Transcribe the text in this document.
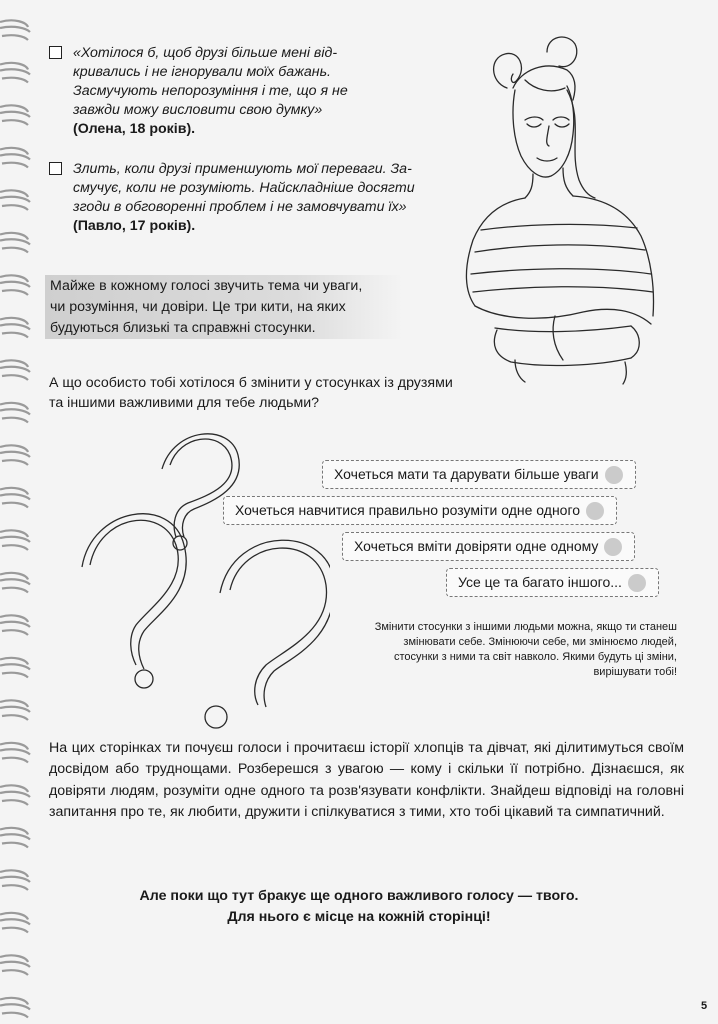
«Хотілося б, щоб друзі більше мені відкривались і не ігнорували моїх бажань. Засмучують непорозуміння і те, що я не завжди можу висловити свою думку»
(Олена, 18 років).
Злить, коли друзі применшують мої переваги. Засмучує, коли не розуміють. Найскладніше досягти згоди в обговоренні проблем і не замовчувати їх»
(Павло, 17 років).

Майже в кожному голосі звучить тема чи уваги,

чи розуміння, чи довіри. Це три кити, на яких

будуються близькі та справжні стосунки.

А що особисто тобі хотілося б змінити у стосунках із друзями та іншими важливими для тебе людьми?

Хочеться мати та дарувати більше уваги
Хочеться навчитися правильно розуміти одне одного
Хочеться вміти довіряти одне одному
Усе це та багато іншого...

Змінити стосунки з іншими людьми можна, якщо ти станеш змінювати себе. Змінюючи себе, ми змінюємо людей, стосунки з ними та світ навколо. Якими будуть ці зміни, вирішувати тобі!

На цих сторінках ти почуєш голоси і прочитаєш історії хлопців та дівчат, які ділитимуться своїм досвідом або труднощами. Розберешся з увагою — кому і скільки її потрібно. Дізнаєшся, як довіряти людям, розуміти одне одного та розв'язувати конфлікти. Знайдеш відповіді на головні запитання про те, як любити, дружити і спілкуватися з тими, хто тобі цікавий та симпатичний.

Але поки що тут бракує ще одного важливого голосу — твого.

Для нього є місце на кожній сторінці!

5
